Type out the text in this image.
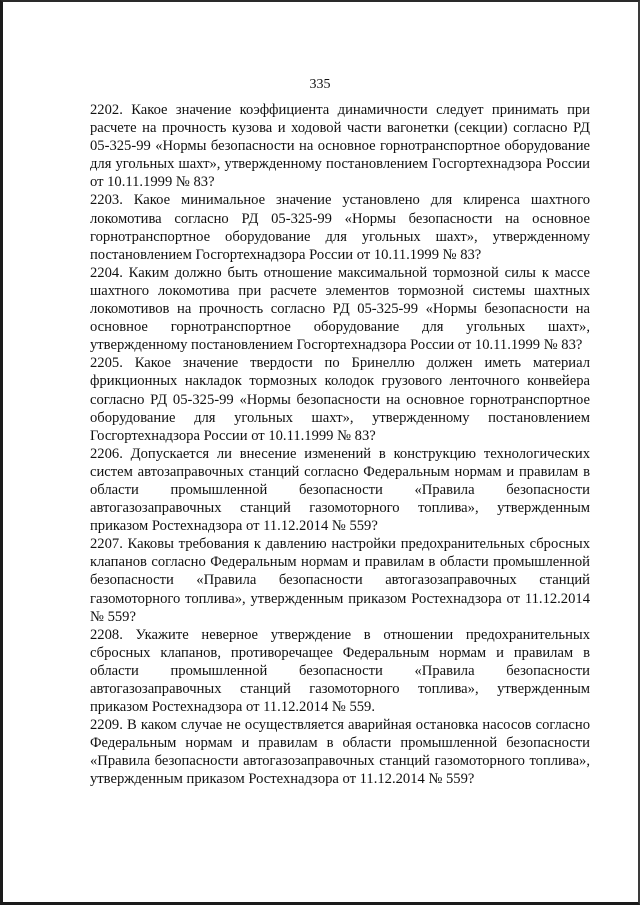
335

2202. Какое значение коэффициента динамичности следует принимать при расчете на прочность кузова и ходовой части вагонетки (секции) согласно РД 05-325-99 «Нормы безопасности на основное горнотранспортное оборудование для угольных шахт», утвержденному постановлением Госгортехнадзора России от 10.11.1999 № 83?

2203. Какое минимальное значение установлено для клиренса шахтного локомотива согласно РД 05-325-99 «Нормы безопасности на основное горнотранспортное оборудование для угольных шахт», утвержденному постановлением Госгортехнадзора России от 10.11.1999 № 83?

2204. Каким должно быть отношение максимальной тормозной силы к массе шахтного локомотива при расчете элементов тормозной системы шахтных локомотивов на прочность согласно РД 05-325-99 «Нормы безопасности на основное горнотранспортное оборудование для угольных шахт», утвержденному постановлением Госгортехнадзора России от 10.11.1999 № 83?

2205. Какое значение твердости по Бринеллю должен иметь материал фрикционных накладок тормозных колодок грузового ленточного конвейера согласно РД 05-325-99 «Нормы безопасности на основное горнотранспортное оборудование для угольных шахт», утвержденному постановлением Госгортехнадзора России от 10.11.1999 № 83?

2206. Допускается ли внесение изменений в конструкцию технологических систем автозаправочных станций согласно Федеральным нормам и правилам в области промышленной безопасности «Правила безопасности автогазозаправочных станций газомоторного топлива», утвержденным приказом Ростехнадзора от 11.12.2014 № 559?

2207. Каковы требования к давлению настройки предохранительных сбросных клапанов согласно Федеральным нормам и правилам в области промышленной безопасности «Правила безопасности автогазозаправочных станций газомоторного топлива», утвержденным приказом Ростехнадзора от 11.12.2014 № 559?

2208. Укажите неверное утверждение в отношении предохранительных сбросных клапанов, противоречащее Федеральным нормам и правилам в области промышленной безопасности «Правила безопасности автогазозаправочных станций газомоторного топлива», утвержденным приказом Ростехнадзора от 11.12.2014 № 559.

2209. В каком случае не осуществляется аварийная остановка насосов согласно Федеральным нормам и правилам в области промышленной безопасности «Правила безопасности автогазозаправочных станций газомоторного топлива», утвержденным приказом Ростехнадзора от 11.12.2014 № 559?
